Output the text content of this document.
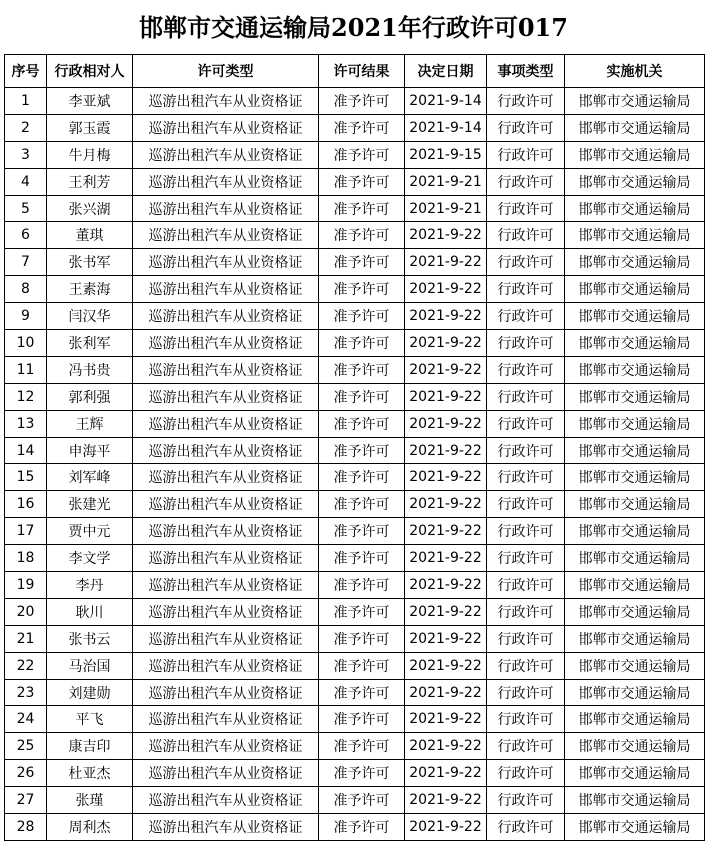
邯郸市交通运输局2021年行政许可017
序号	行政相对人	许可类型	许可结果	决定日期	事项类型	实施机关
1	李亚斌	巡游出租汽车从业资格证	准予许可	2021-9-14	行政许可	邯郸市交通运输局
2	郭玉霞	巡游出租汽车从业资格证	准予许可	2021-9-14	行政许可	邯郸市交通运输局
3	牛月梅	巡游出租汽车从业资格证	准予许可	2021-9-15	行政许可	邯郸市交通运输局
4	王利芳	巡游出租汽车从业资格证	准予许可	2021-9-21	行政许可	邯郸市交通运输局
5	张兴湖	巡游出租汽车从业资格证	准予许可	2021-9-21	行政许可	邯郸市交通运输局
6	董琪	巡游出租汽车从业资格证	准予许可	2021-9-22	行政许可	邯郸市交通运输局
7	张书军	巡游出租汽车从业资格证	准予许可	2021-9-22	行政许可	邯郸市交通运输局
8	王素海	巡游出租汽车从业资格证	准予许可	2021-9-22	行政许可	邯郸市交通运输局
9	闫汉华	巡游出租汽车从业资格证	准予许可	2021-9-22	行政许可	邯郸市交通运输局
10	张利军	巡游出租汽车从业资格证	准予许可	2021-9-22	行政许可	邯郸市交通运输局
11	冯书贵	巡游出租汽车从业资格证	准予许可	2021-9-22	行政许可	邯郸市交通运输局
12	郭利强	巡游出租汽车从业资格证	准予许可	2021-9-22	行政许可	邯郸市交通运输局
13	王辉	巡游出租汽车从业资格证	准予许可	2021-9-22	行政许可	邯郸市交通运输局
14	申海平	巡游出租汽车从业资格证	准予许可	2021-9-22	行政许可	邯郸市交通运输局
15	刘军峰	巡游出租汽车从业资格证	准予许可	2021-9-22	行政许可	邯郸市交通运输局
16	张建光	巡游出租汽车从业资格证	准予许可	2021-9-22	行政许可	邯郸市交通运输局
17	贾中元	巡游出租汽车从业资格证	准予许可	2021-9-22	行政许可	邯郸市交通运输局
18	李文学	巡游出租汽车从业资格证	准予许可	2021-9-22	行政许可	邯郸市交通运输局
19	李丹	巡游出租汽车从业资格证	准予许可	2021-9-22	行政许可	邯郸市交通运输局
20	耿川	巡游出租汽车从业资格证	准予许可	2021-9-22	行政许可	邯郸市交通运输局
21	张书云	巡游出租汽车从业资格证	准予许可	2021-9-22	行政许可	邯郸市交通运输局
22	马治国	巡游出租汽车从业资格证	准予许可	2021-9-22	行政许可	邯郸市交通运输局
23	刘建勋	巡游出租汽车从业资格证	准予许可	2021-9-22	行政许可	邯郸市交通运输局
24	平飞	巡游出租汽车从业资格证	准予许可	2021-9-22	行政许可	邯郸市交通运输局
25	康吉印	巡游出租汽车从业资格证	准予许可	2021-9-22	行政许可	邯郸市交通运输局
26	杜亚杰	巡游出租汽车从业资格证	准予许可	2021-9-22	行政许可	邯郸市交通运输局
27	张瑾	巡游出租汽车从业资格证	准予许可	2021-9-22	行政许可	邯郸市交通运输局
28	周利杰	巡游出租汽车从业资格证	准予许可	2021-9-22	行政许可	邯郸市交通运输局
